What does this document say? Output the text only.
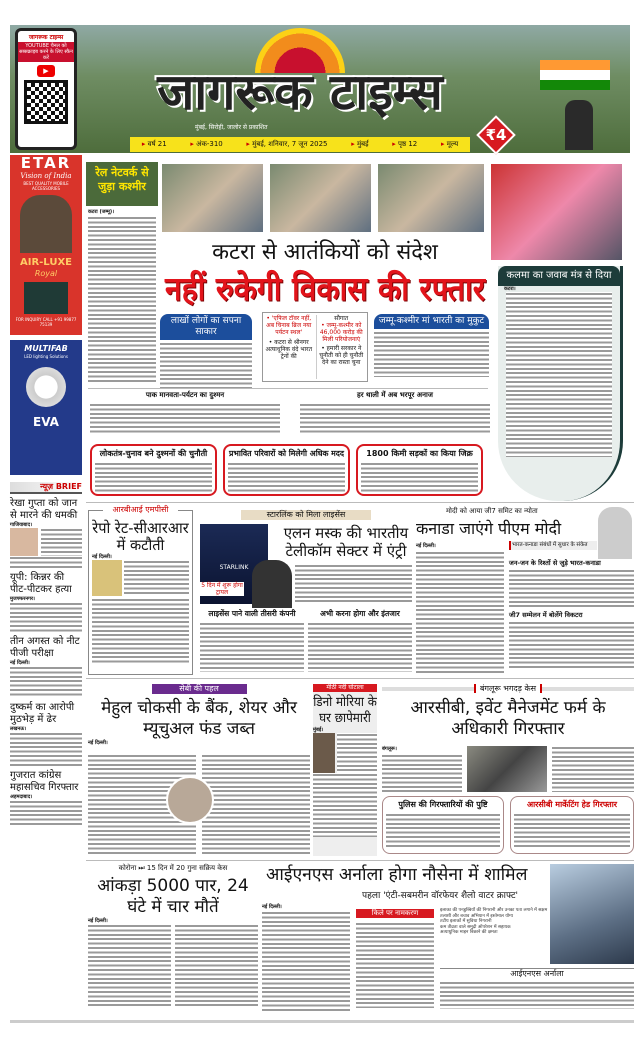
जागरूक टाइम्स
YOUTUBE चैनल को सब्सक्राइब करने के लिए स्कैन करें
▶	जागरूक टाइम्स
मुंबई, सिरोही, जालोर से प्रकाशित
▸ वर्ष 21	▸ अंक-310	▸ मुंबई, शनिवार, 7 जून 2025	▸ मुंबई	▸ पृष्ठ 12	▸ मूल्य ₹4
ETAR
Vision of India
BEST QUALITY MOBILE ACCESSORIES
AIR-LUXE
Royal
FOR INQUIRY CALL +91 99877 75139
MULTIFAB
LED lighting Solutions
EVA
न्यूज़ BRIEF
रेखा गुप्ता को जान से मारने की धमकी
गाजियाबाद।
यूपी: किन्नर की पीट-पीटकर हत्या
मुजफ्फरनगर।
तीन अगस्त को नीट पीजी परीक्षा
नई दिल्ली।
दुष्कर्म का आरोपी मुठभेड़ में ढेर
लखनऊ।
गुजरात कांग्रेस महासचिव गिरफ्तार
अहमदाबाद।
रेल नेटवर्क से जुड़ा कश्मीर
कटरा (जम्मू)।
कटरा से आतंकियों को संदेश
नहीं रुकेगी विकास की रफ्तार
लाखों लोगों का सपना साकार
• 'एफिल टॉवर नहीं, अब चिनाब ब्रिज नया पर्यटन स्थल'
• कटरा से श्रीनगर अत्याधुनिक वंदे भारत ट्रेनों की
सौगात
• जम्मू-कश्मीर को 46,000 करोड़ की मिली परियोजनाएं
• हमारी सरकार ने चुनौती को ही चुनौती देने का रास्ता चुना
जम्मू-कश्मीर मां भारती का मुकुट
पाक मानवता-पर्यटन का दुश्मन	हर थाली में अब भरपूर अनाज
लोकतंत्र-चुनाव बने दुश्मनों की चुनौती	प्रभावित परिवारों को मिलेगी अधिक मदद	1800 किमी सड़कों का किया जिक्र
कलमा का जवाब मंत्र से दिया
कटरा।
आरबीआई एमपीसी
रेपो रेट-सीआरआर में कटौती
नई दिल्ली।
स्टारलिंक को मिला लाइसेंस
STARLINK
5 दिन में शुरू होगा ट्रायल
एलन मस्क की भारतीय टेलीकॉम सेक्टर में एंट्री
लाइसेंस पाने वाली तीसरी कंपनी	अभी करना होगा और इंतजार
मोदी को आया जी7 समिट का न्योता
कनाडा जाएंगे पीएम मोदी
नई दिल्ली।	भारत-कनाडा संबंधों में सुधार के संकेत
जन-जन के रिश्तों से जुड़े भारत-कनाडा
जी7 सम्मेलन में बोलेंगे विकटरा
सेबी की पहल
मेहुल चोकसी के बैंक, शेयर और म्यूचुअल फंड जब्त
नई दिल्ली।
मीठी नदी घोटाला
डिनो मोरिया के घर छापेमारी
मुंबई।
बंगलूरू भगदड़ केस
आरसीबी, इवेंट मैनेजमेंट फर्म के अधिकारी गिरफ्तार
बंगलूरू।
पुलिस की गिरफ्तारियों की पुष्टि	आरसीबी मार्केटिंग हेड गिरफ्तार
कोरोना ⏭ 15 दिन में 20 गुना सक्रिय केस
आंकड़ा 5000 पार, 24 घंटे में चार मौतें
नई दिल्ली।
आईएनएस अर्नाला होगा नौसेना में शामिल
पहला 'एंटी-सबमरीन वॉरफेयर शैलो वाटर क्राफ्ट'
नई दिल्ली।
किले पर नामकरण	इलाका की पनडुब्बियों की निगरानी और उनका पता लगाने में सक्षम
तलाशी और बचाव अभियान में इस्तेमाल योग्य
तटीय इलाकों में सुविधा निगरानी
कम तीव्रता वाले समुद्री ऑपरेशन में सहायक
अत्याधुनिक माइन बिछाने की क्षमता
आईएनएस अर्नाला
